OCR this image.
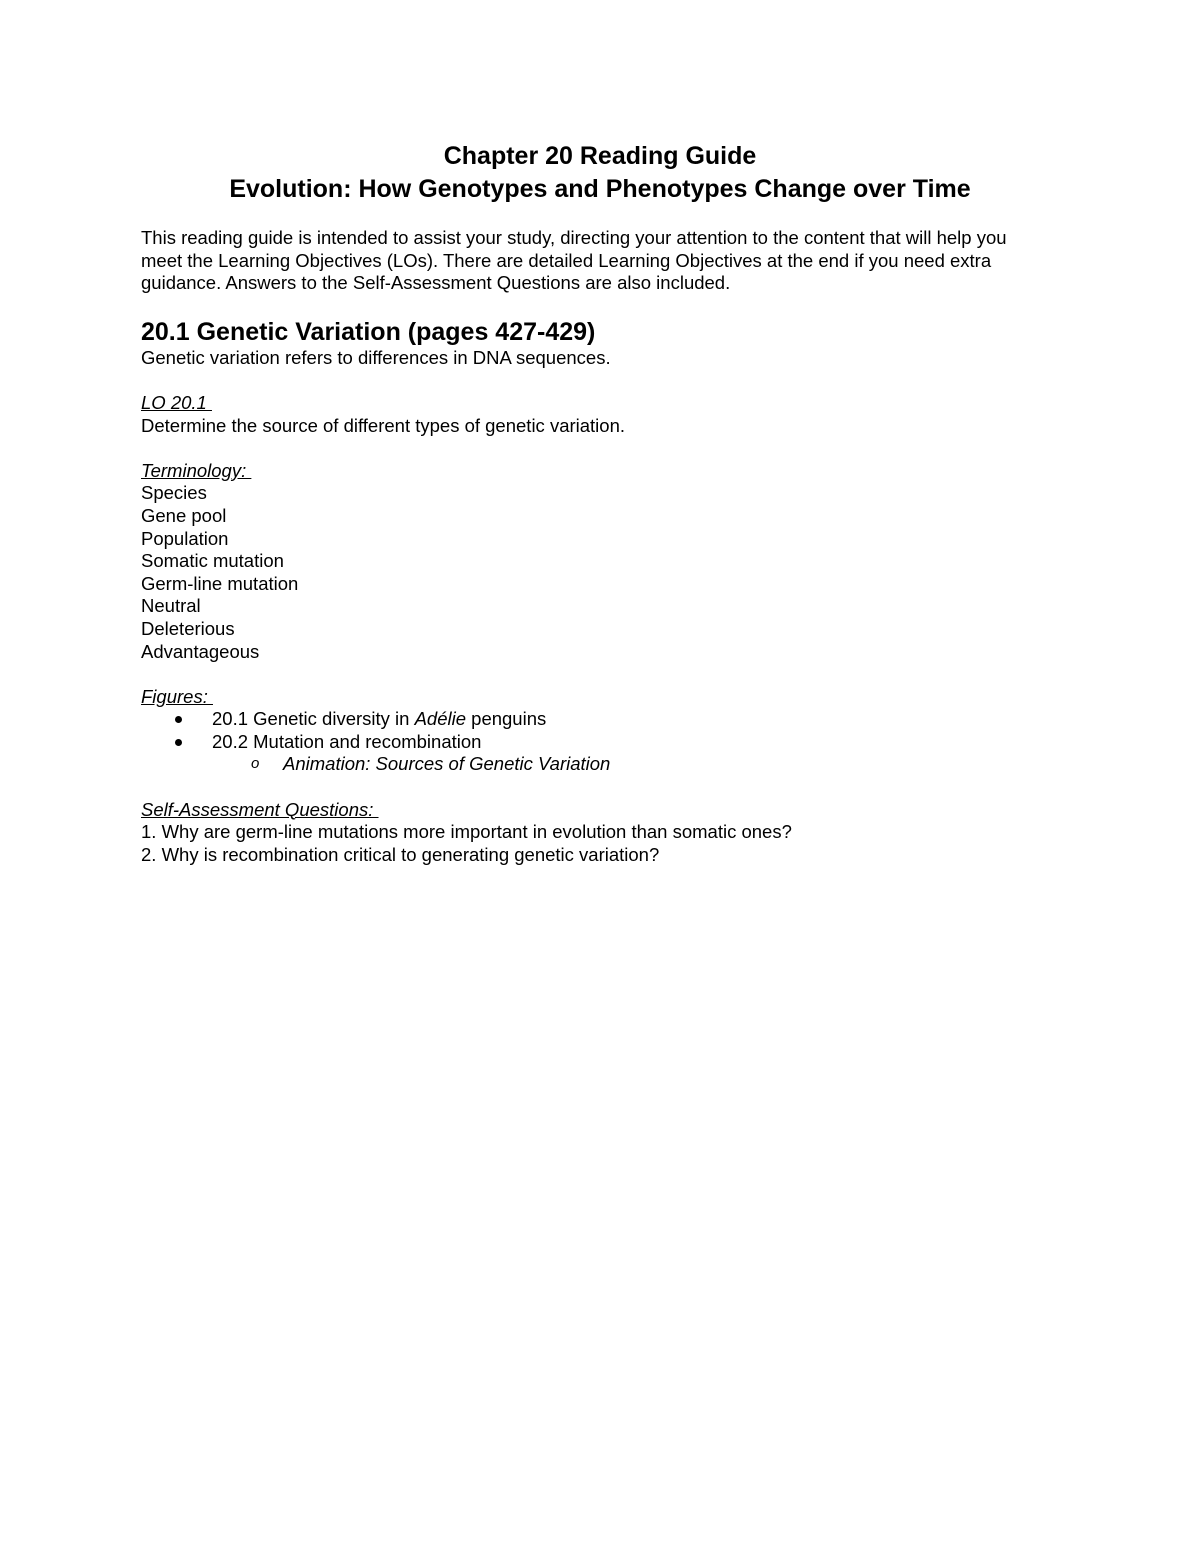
Chapter 20 Reading Guide
Evolution: How Genotypes and Phenotypes Change over Time
This reading guide is intended to assist your study, directing your attention to the content that will help you
meet the Learning Objectives (LOs). There are detailed Learning Objectives at the end if you need extra
guidance. Answers to the Self-Assessment Questions are also included.
20.1 Genetic Variation (pages 427-429)
Genetic variation refers to differences in DNA sequences.
LO 20.1
Determine the source of different types of genetic variation.
Terminology:
Species
Gene pool
Population
Somatic mutation
Germ-line mutation
Neutral
Deleterious
Advantageous
Figures:
20.1 Genetic diversity in Adélie penguins
20.2 Mutation and recombination
o Animation: Sources of Genetic Variation
Self-Assessment Questions:
1. Why are germ-line mutations more important in evolution than somatic ones?
2. Why is recombination critical to generating genetic variation?
